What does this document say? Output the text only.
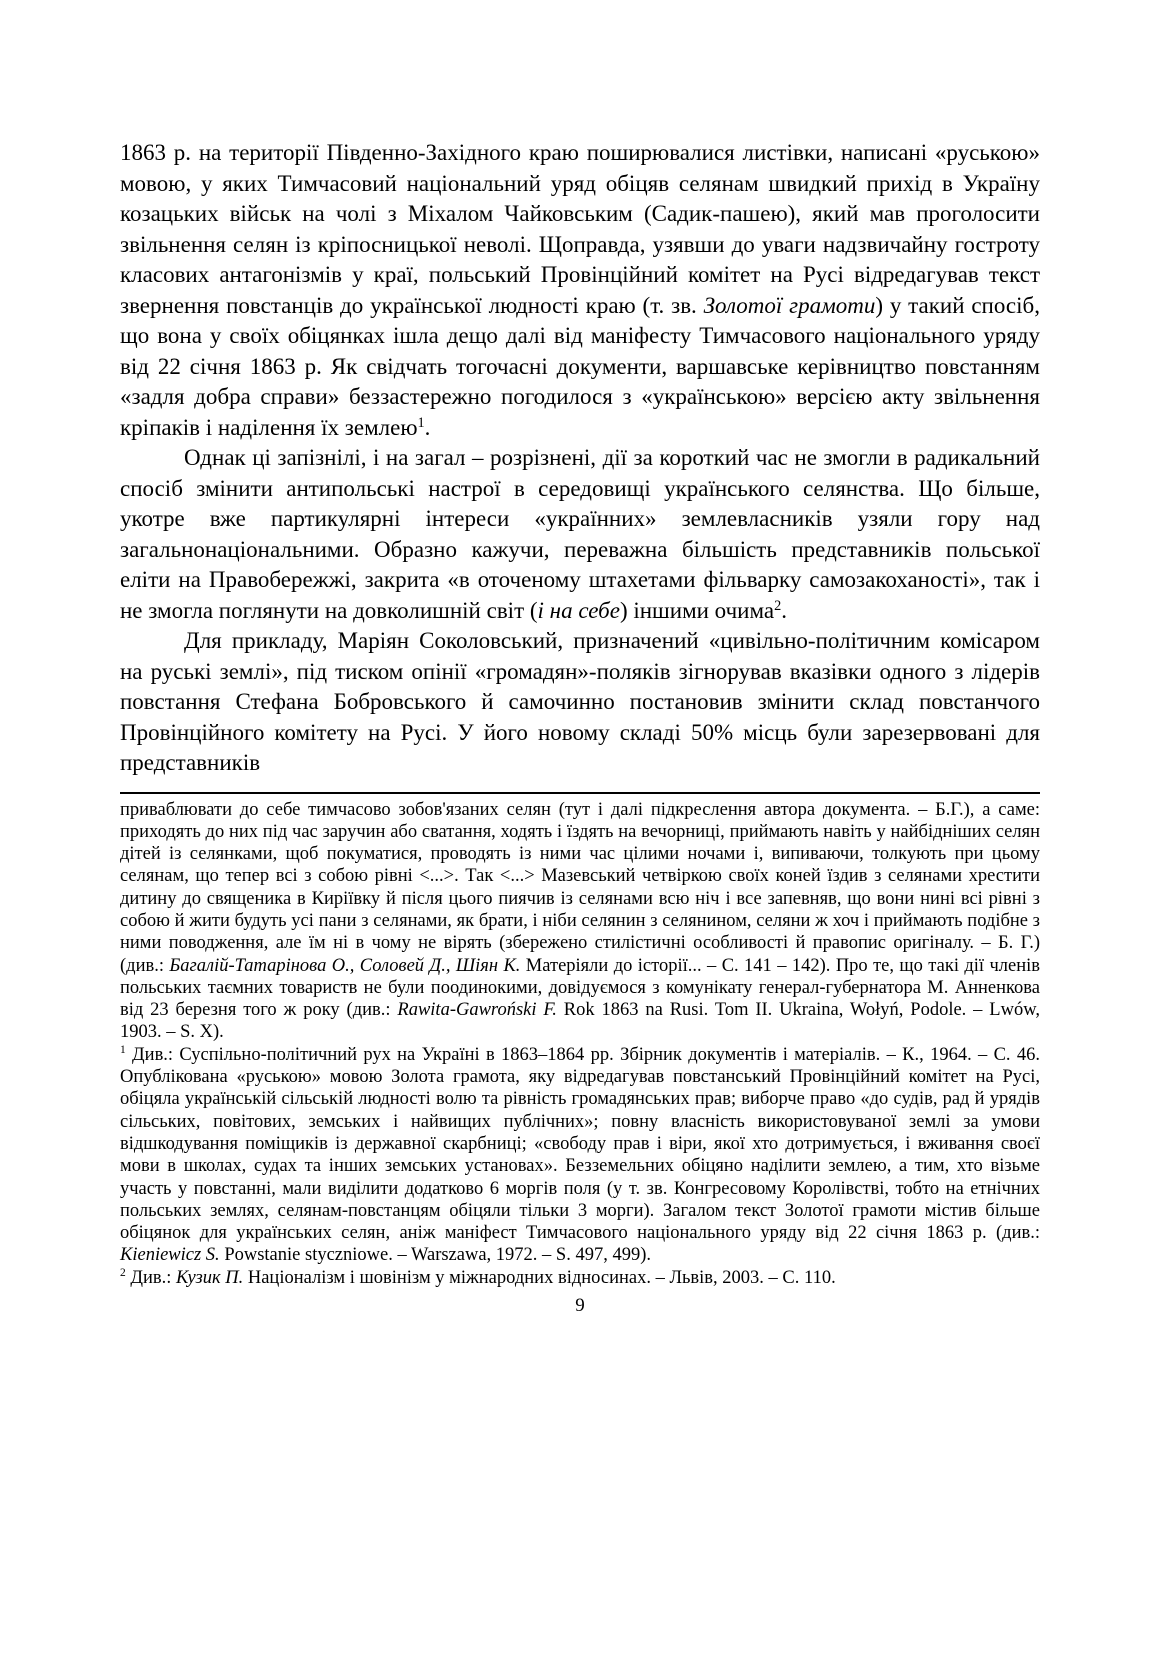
1863 р. на території Південно-Західного краю поширювалися листівки, написані «руською» мовою, у яких Тимчасовий національний уряд обіцяв селянам швидкий прихід в Україну козацьких військ на чолі з Міхалом Чайковським (Садик-пашею), який мав проголосити звільнення селян із кріпосницької неволі. Щоправда, узявши до уваги надзвичайну гостроту класових антагонізмів у краї, польський Провінційний комітет на Русі відредагував текст звернення повстанців до української людності краю (т. зв. Золотої грамоти) у такий спосіб, що вона у своїх обіцянках ішла дещо далі від маніфесту Тимчасового національного уряду від 22 січня 1863 р. Як свідчать тогочасні документи, варшавське керівництво повстанням «задля добра справи» беззастережно погодилося з «українською» версією акту звільнення кріпаків і наділення їх землею$^1$.

Однак ці запізнілі, і на загал – розрізнені, дії за короткий час не змогли в радикальний спосіб змінити антипольські настрої в середовищі українського селянства. Що більше, укотре вже партикулярні інтереси «українних» землевласників узяли гору над загальнонаціональними. Образно кажучи, переважна більшість представників польської еліти на Правобережжі, закрита «в оточеному штахетами фільварку самозакоханості», так і не змогла поглянути на довколишній світ (і на себе) іншими очима$^2$.

Для прикладу, Маріян Соколовський, призначений «цивільно-політичним комісаром на руські землі», під тиском опінії «громадян»-поляків зігнорував вказівки одного з лідерів повстання Стефана Бобровського й самочинно постановив змінити склад повстанчого Провінційного комітету на Русі. У його новому складі 50% місць були зарезервовані для представників

приваблювати до себе тимчасово зобов'язаних селян (тут і далі підкреслення автора документа. – Б.Г.), а саме: приходять до них під час заручин або сватання, ходять і їздять на вечорниці, приймають навіть у найбідніших селян дітей із селянками, щоб покуматися, проводять із ними час цілими ночами і, випиваючи, толкують при цьому селянам, що тепер всі з собою рівні <...>. Так <...> Мазевський четвіркою своїх коней їздив з селянами хрестити дитину до священика в Киріївку й після цього пиячив із селянами всю ніч і все запевняв, що вони нині всі рівні з собою й жити будуть усі пани з селянами, як брати, і ніби селянин з селянином, селяни ж хоч і приймають подібне з ними поводження, але їм ні в чому не вірять (збережено стилістичні особливості й правопис оригіналу. – Б. Г.) (див.: Багалій-Татарінова О., Соловей Д., Шіян К. Матеріяли до історії... – С. 141 – 142). Про те, що такі дії членів польських таємних товариств не були поодинокими, довідуємося з комунікату генерал-губернатора М. Анненкова від 23 березня того ж року (див.: Rawita-Gawroński F. Rok 1863 na Rusi. Tom II. Ukraina, Wołyń, Podole. – Lwów, 1903. – S. X).

$^1$ Див.: Суспільно-політичний рух на Україні в 1863–1864 рр. Збірник документів і матеріалів. – К., 1964. – С. 46. Опублікована «руською» мовою Золота грамота, яку відредагував повстанський Провінційний комітет на Русі, обіцяла українській сільській людності волю та рівність громадянських прав; виборче право «до судів, рад й урядів сільських, повітових, земських і найвищих публічних»; повну власність використовуваної землі за умови відшкодування поміщиків із державної скарбниці; «свободу прав і віри, якої хто дотримується, і вживання своєї мови в школах, судах та інших земських установах». Безземельних обіцяно наділити землею, а тим, хто візьме участь у повстанні, мали виділити додатково 6 моргів поля (у т. зв. Конгресовому Королівстві, тобто на етнічних польських землях, селянам-повстанцям обіцяли тільки 3 морги). Загалом текст Золотої грамоти містив більше обіцянок для українських селян, аніж маніфест Тимчасового національного уряду від 22 січня 1863 р. (див.: Kieniewicz S. Powstanie styczniowe. – Warszawa, 1972. – S. 497, 499).

$^2$ Див.: Кузик П. Націоналізм і шовінізм у міжнародних відносинах. – Львів, 2003. – С. 110.

9
